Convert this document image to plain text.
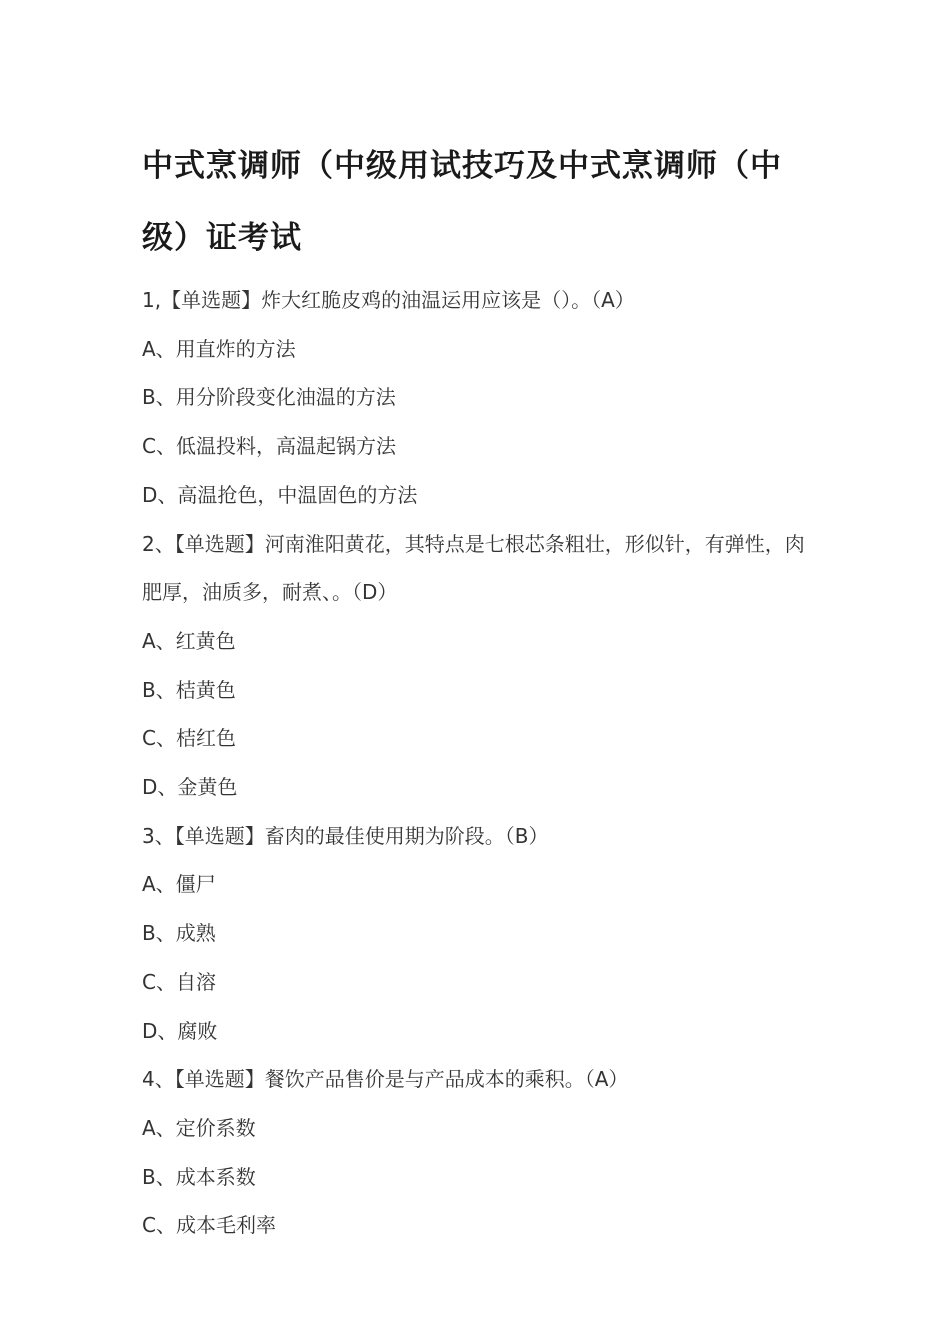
中式烹调师（中级用试技巧及中式烹调师（中级）证考试
1,【单选题】炸大红脆皮鸡的油温运用应该是（）。（A）
A、用直炸的方法
B、用分阶段变化油温的方法
C、低温投料，高温起锅方法
D、高温抢色，中温固色的方法
2、【单选题】河南淮阳黄花，其特点是七根芯条粗壮，形似针，有弹性，肉肥厚，油质多，耐煮、。（D）
A、红黄色
B、桔黄色
C、桔红色
D、金黄色
3、【单选题】畜肉的最佳使用期为阶段。（B）
A、僵尸
B、成熟
C、自溶
D、腐败
4、【单选题】餐饮产品售价是与产品成本的乘积。（A）
A、定价系数
B、成本系数
C、成本毛利率
